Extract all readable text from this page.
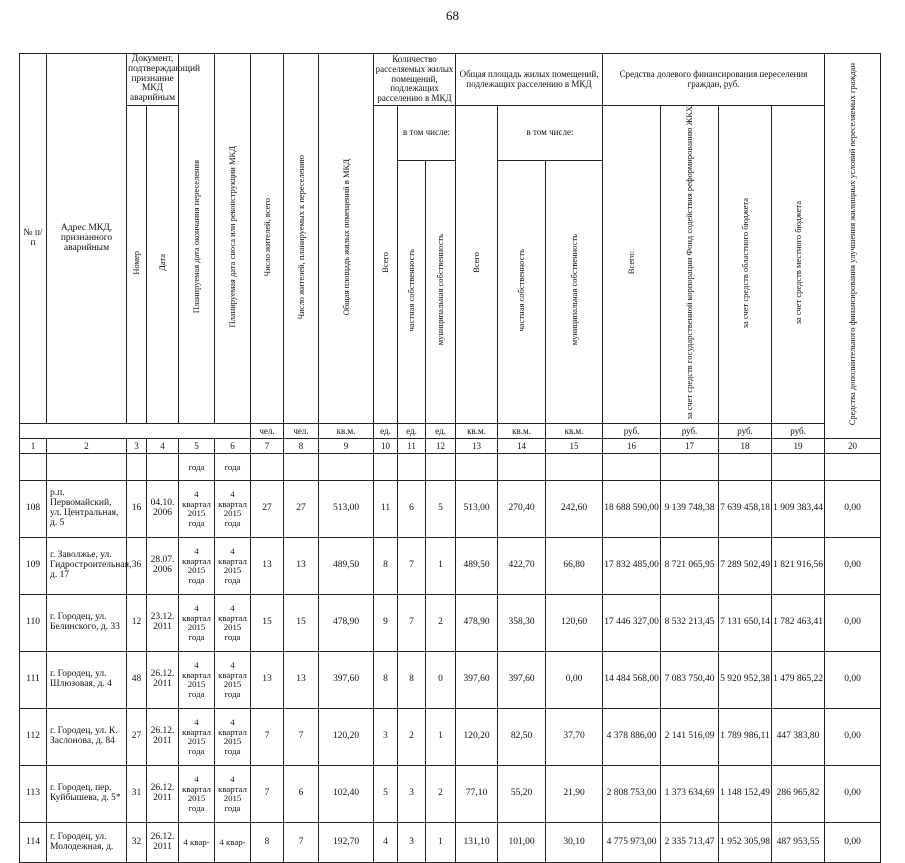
68
№ п/п	Адрес МКД, признанного аварийным	Документ, подтверждающий признание МКД аварийным		Планируемая дата окончания переселения	Планируемая дата сноса или реконструкции МКД	Число жителей, всего	Число жителей, планируемых к переселению	Общая площадь жилых помещений в МКД	Количество расселяемых жилых помещений, подлежащих расселению в МКД			Общая площадь жилых помещений, подлежащих расселению в МКД			Средства долевого финансирования переселения граждан, руб.				Средства дополнительного финансирования улучшения жилищных условий переселяемых граждан	
		Номер	Дата						Всего	в том числе:		Всего	в том числе:		Всего:	за счет средств государственной корпорации Фонд содействия реформированию ЖКХ	за счет средств областного бюджета	за счет средств местного бюджета		
										частная собственность	муниципальная собственность		частная собственность	муниципальная собственность						
						чел.	чел.	кв.м.	ед.	ед.	ед.	кв.м.	кв.м.	кв.м.	руб.	руб.	руб.	руб.	
1	2	3	4	5	6	7	8	9	10	11	12	13	14	15	16	17	18	19	20	
				года	года															
108	р.п. Первомайский, ул. Центральная, д. 5	16	04.10. 2006	4 квартал 2015 года	4 квартал 2015 года	27	27	513,00	11	6	5	513,00	270,40	242,60	18 688 590,00	9 139 748,38	7 639 458,18	1 909 383,44	0,00	
109	г. Заволжье, ул. Гидростроительная, д. 17	36	28.07. 2006	4 квартал 2015 года	4 квартал 2015 года	13	13	489,50	8	7	1	489,50	422,70	66,80	17 832 485,00	8 721 065,95	7 289 502,49	1 821 916,56	0,00	
110	г. Городец, ул. Белинского, д. 33	12	23.12. 2011	4 квартал 2015 года	4 квартал 2015 года	15	15	478,90	9	7	2	478,90	358,30	120,60	17 446 327,00	8 532 213,45	7 131 650,14	1 782 463,41	0,00	
111	г. Городец, ул. Шлюзовая, д. 4	48	26.12. 2011	4 квартал 2015 года	4 квартал 2015 года	13	13	397,60	8	8	0	397,60	397,60	0,00	14 484 568,00	7 083 750,40	5 920 952,38	1 479 865,22	0,00	
112	г. Городец, ул. К. Заслонова, д. 84	27	26.12. 2011	4 квартал 2015 года	4 квартал 2015 года	7	7	120,20	3	2	1	120,20	82,50	37,70	4 378 886,00	2 141 516,09	1 789 986,11	447 383,80	0,00	
113	г. Городец, пер. Куйбышева, д. 5*	31	26.12. 2011	4 квартал 2015 года	4 квартал 2015 года	7	6	102,40	5	3	2	77,10	55,20	21,90	2 808 753,00	1 373 634,69	1 148 152,49	286 965,82	0,00	
114	г. Городец, ул. Молодежная, д.	32	26.12. 2011	4 квар-	4 квар-	8	7	192,70	4	3	1	131,10	101,00	30,10	4 775 973,00	2 335 713,47	1 952 305,98	487 953,55	0,00	
